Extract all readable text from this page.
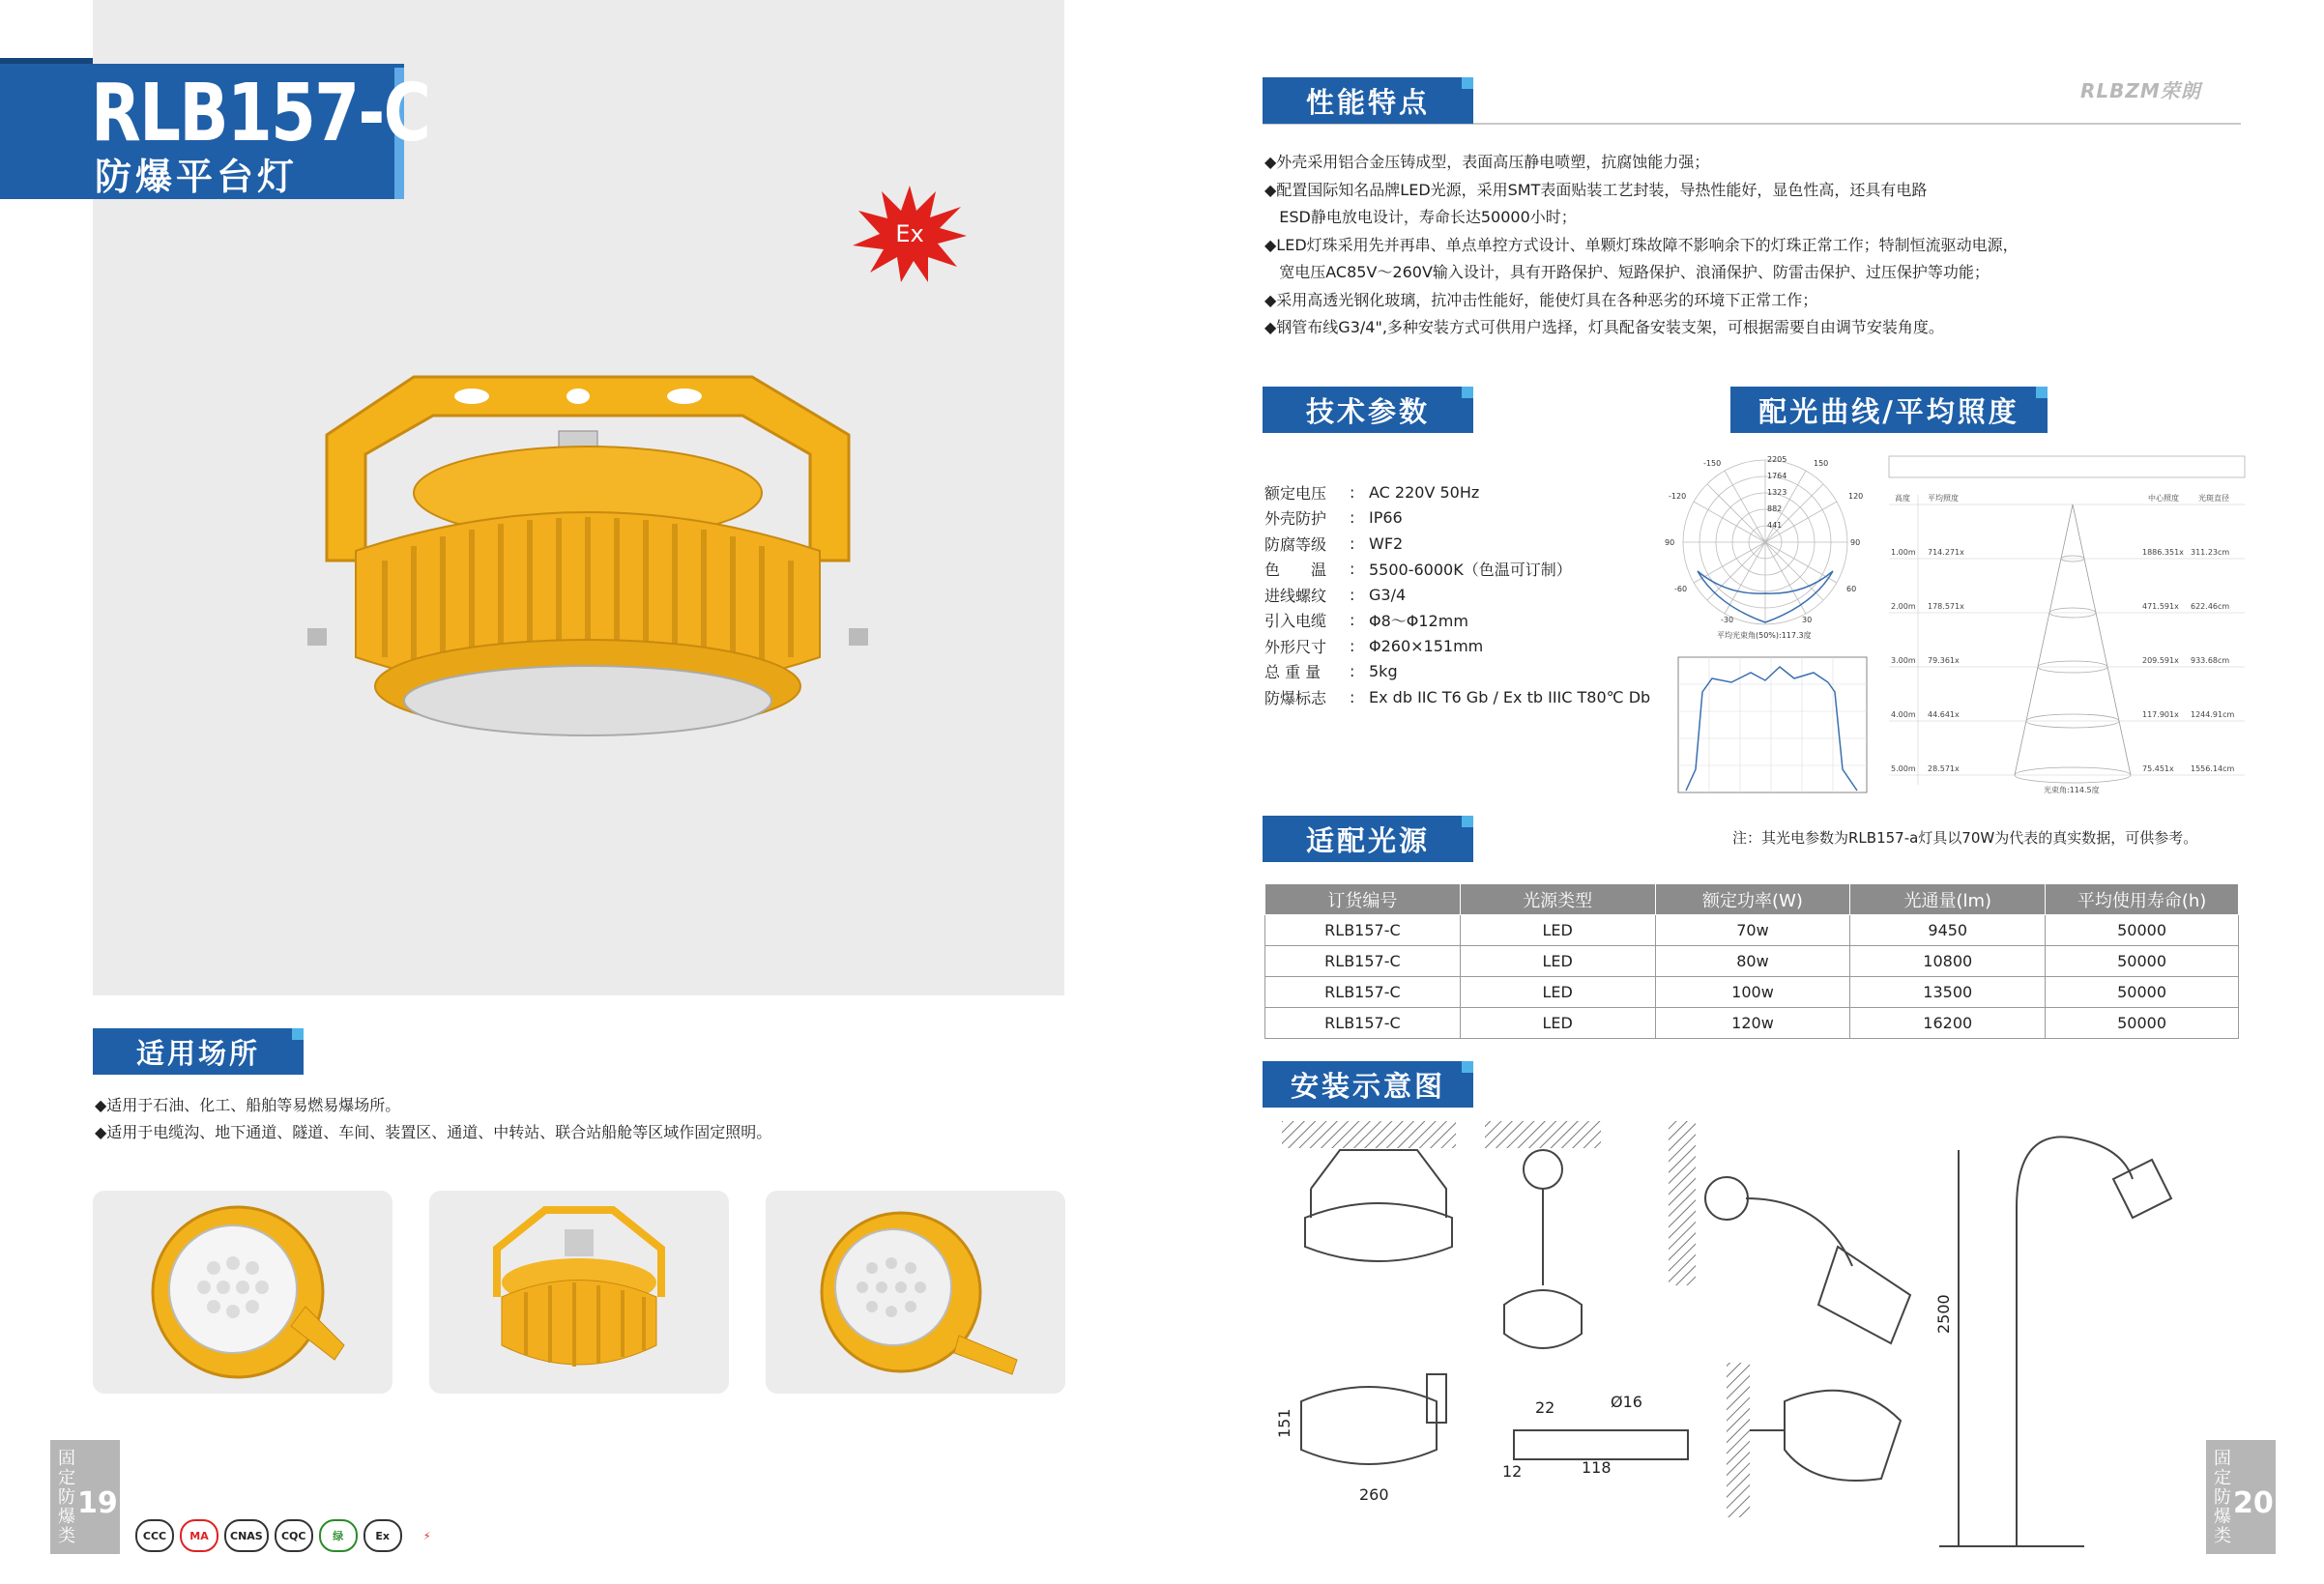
RLB157-C
防爆平台灯
Ex
适用场所
◆适用于石油、化工、船舶等易燃易爆场所。
◆适用于电缆沟、地下通道、隧道、车间、装置区、通道、中转站、联合站船舱等区域作固定照明。
固定防爆类 19
CCC	MA	CNAS	CQC	绿	Ex	⚡
RLBZM荣朗
性能特点
◆外壳采用铝合金压铸成型，表面高压静电喷塑，抗腐蚀能力强；
◆配置国际知名品牌LED光源，采用SMT表面贴装工艺封装，导热性能好，显色性高，还具有电路
ESD静电放电设计，寿命长达50000小时；
◆LED灯珠采用先并再串、单点单控方式设计、单颗灯珠故障不影响余下的灯珠正常工作；特制恒流驱动电源，
宽电压AC85V～260V输入设计，具有开路保护、短路保护、浪涌保护、防雷击保护、过压保护等功能；
◆采用高透光钢化玻璃，抗冲击性能好，能使灯具在各种恶劣的环境下正常工作；
◆钢管布线G3/4",多种安装方式可供用户选择，灯具配备安装支架，可根据需要自由调节安装角度。
技术参数
额定电压	: AC 220V 50Hz
外壳防护	: IP66
防腐等级	: WF2
色　　温	: 5500-6000K（色温可订制）
进线螺纹	: G3/4
引入电缆	: Φ8～Φ12mm
外形尺寸	: Φ260×151mm
总 重 量	: 5kg
防爆标志	: Ex db IIC T6 Gb / Ex tb IIIC T80℃ Db
配光曲线/平均照度
2205
1764
1323
882
441
-150	150
-120	120
90	90
-60	60
-30	30
平均光束角(50%):117.3度
高度 平均照度	中心照度	光斑直径
1.00m 714.271x	1886.351x 311.23cm
2.00m 178.571x	471.591x 622.46cm
3.00m 79.361x	209.591x 933.68cm
4.00m 44.641x	117.901x 1244.91cm
5.00m 28.571x	75.451x 1556.14cm
光束角:114.5度
注：其光电参数为RLB157-a灯具以70W为代表的真实数据，可供参考。
适配光源
订货编号	光源类型	额定功率(W)	光通量(lm)	平均使用寿命(h)
RLB157-C	LED	70w	9450	50000
RLB157-C	LED	80w	10800	50000
RLB157-C	LED	100w	13500	50000
RLB157-C	LED	120w	16200	50000
安装示意图
151
260
22	Ø16
12	118
2500
固定防爆类 20
